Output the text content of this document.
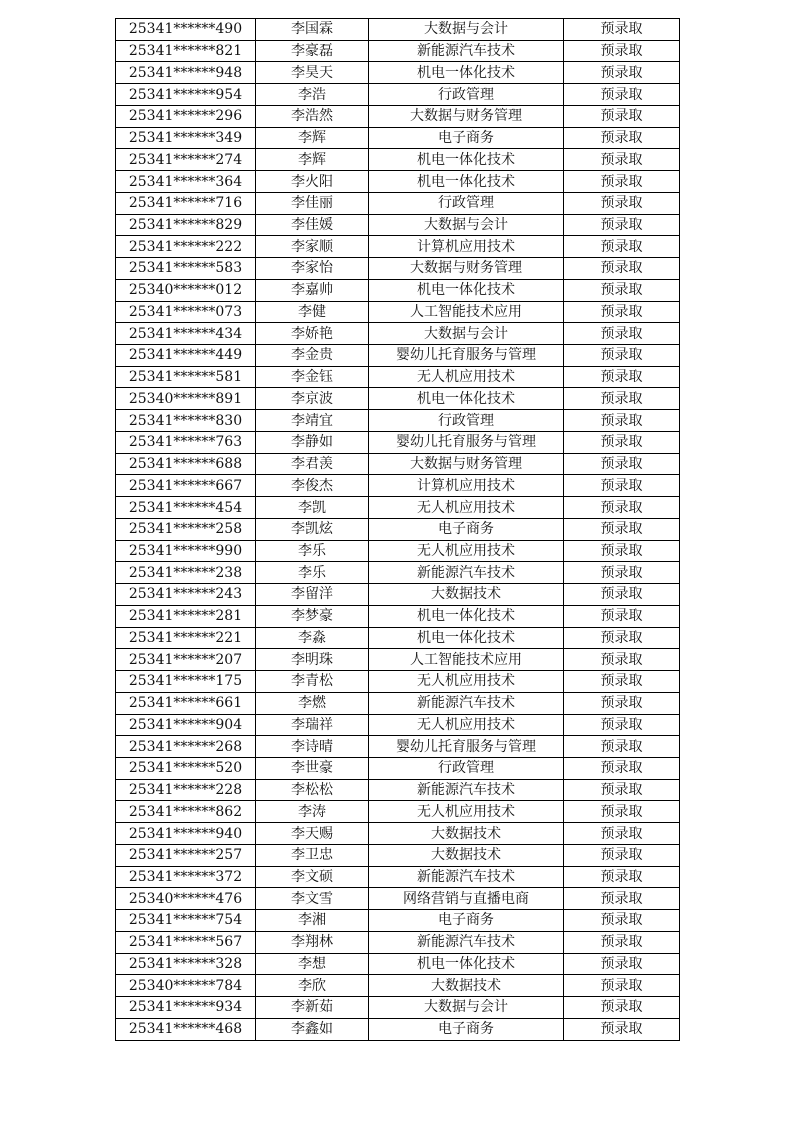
25341******490	李国霖	大数据与会计	预录取
25341******821	李豪磊	新能源汽车技术	预录取
25341******948	李昊天	机电一体化技术	预录取
25341******954	李浩	行政管理	预录取
25341******296	李浩然	大数据与财务管理	预录取
25341******349	李辉	电子商务	预录取
25341******274	李辉	机电一体化技术	预录取
25341******364	李火阳	机电一体化技术	预录取
25341******716	李佳丽	行政管理	预录取
25341******829	李佳媛	大数据与会计	预录取
25341******222	李家顺	计算机应用技术	预录取
25341******583	李家怡	大数据与财务管理	预录取
25340******012	李嘉帅	机电一体化技术	预录取
25341******073	李健	人工智能技术应用	预录取
25341******434	李娇艳	大数据与会计	预录取
25341******449	李金贵	婴幼儿托育服务与管理	预录取
25341******581	李金钰	无人机应用技术	预录取
25340******891	李京波	机电一体化技术	预录取
25341******830	李靖宜	行政管理	预录取
25341******763	李静如	婴幼儿托育服务与管理	预录取
25341******688	李君羡	大数据与财务管理	预录取
25341******667	李俊杰	计算机应用技术	预录取
25341******454	李凯	无人机应用技术	预录取
25341******258	李凯炫	电子商务	预录取
25341******990	李乐	无人机应用技术	预录取
25341******238	李乐	新能源汽车技术	预录取
25341******243	李留洋	大数据技术	预录取
25341******281	李梦豪	机电一体化技术	预录取
25341******221	李淼	机电一体化技术	预录取
25341******207	李明珠	人工智能技术应用	预录取
25341******175	李青松	无人机应用技术	预录取
25341******661	李燃	新能源汽车技术	预录取
25341******904	李瑞祥	无人机应用技术	预录取
25341******268	李诗晴	婴幼儿托育服务与管理	预录取
25341******520	李世豪	行政管理	预录取
25341******228	李松松	新能源汽车技术	预录取
25341******862	李涛	无人机应用技术	预录取
25341******940	李天赐	大数据技术	预录取
25341******257	李卫忠	大数据技术	预录取
25341******372	李文硕	新能源汽车技术	预录取
25340******476	李文雪	网络营销与直播电商	预录取
25341******754	李湘	电子商务	预录取
25341******567	李翔林	新能源汽车技术	预录取
25341******328	李想	机电一体化技术	预录取
25340******784	李欣	大数据技术	预录取
25341******934	李新茹	大数据与会计	预录取
25341******468	李鑫如	电子商务	预录取
